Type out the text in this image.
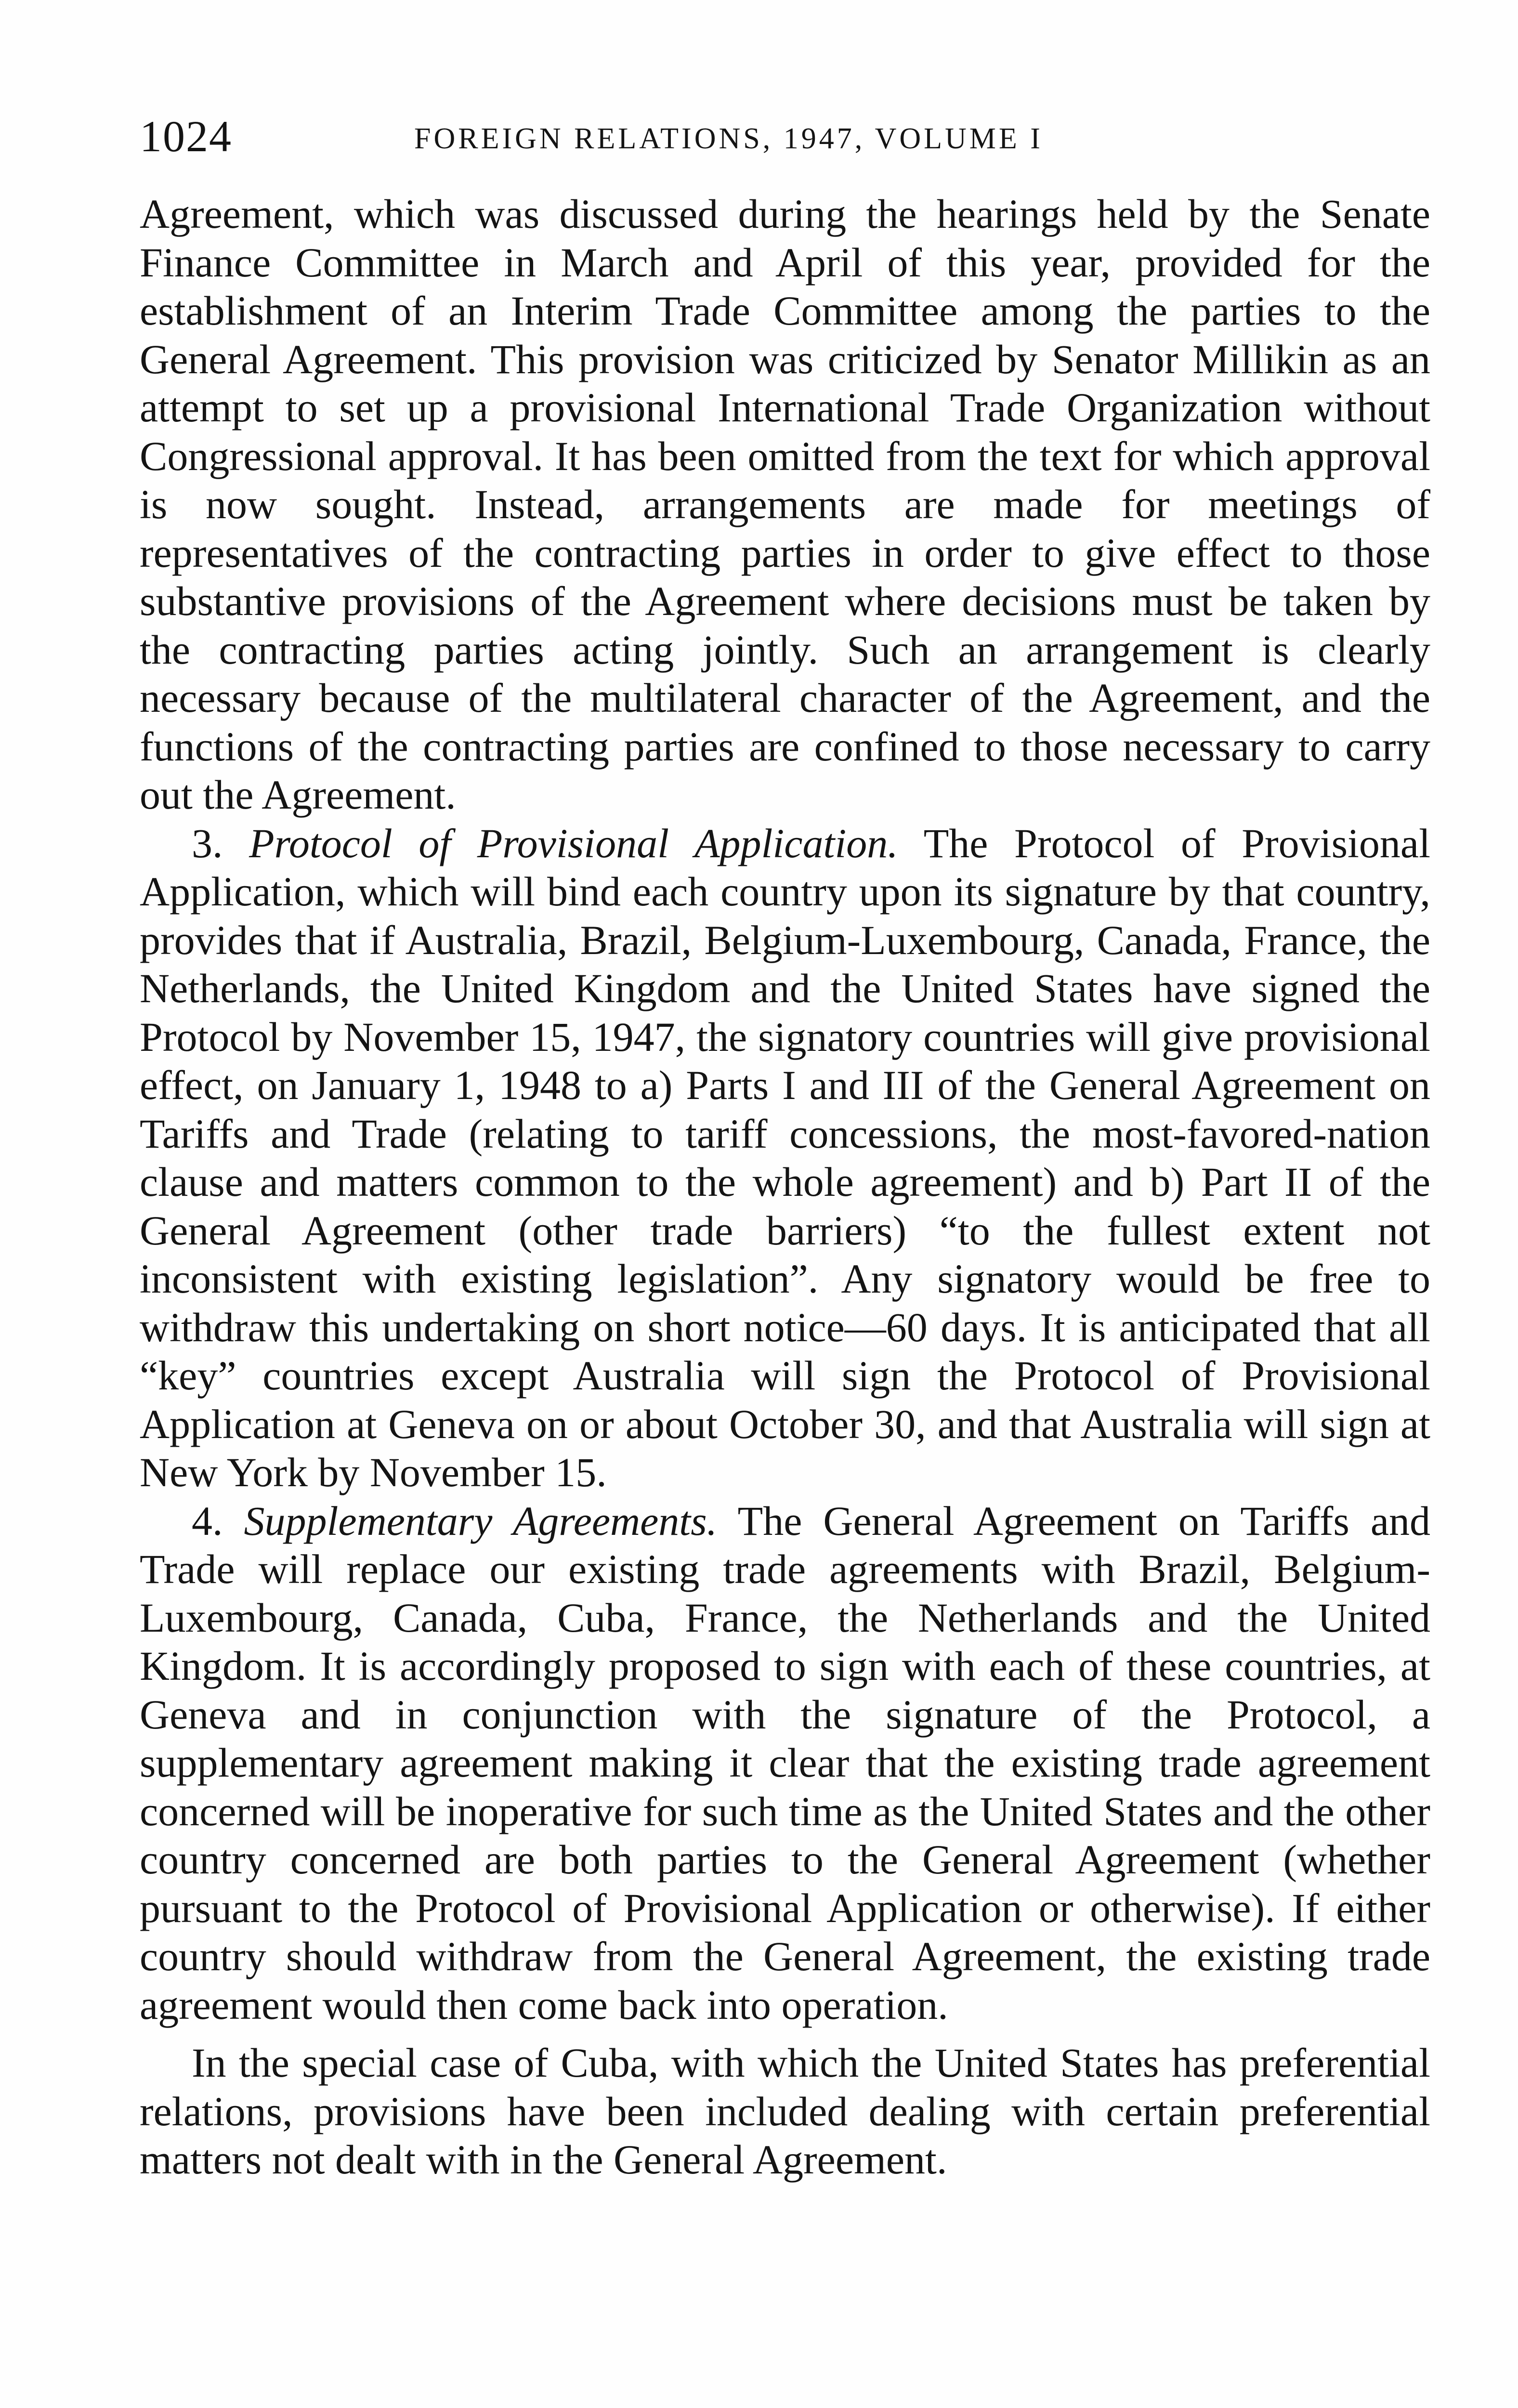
1024	FOREIGN RELATIONS, 1947, VOLUME I

Agreement, which was discussed during the hearings held by the Senate Finance Committee in March and April of this year, provided for the establishment of an Interim Trade Committee among the parties to the General Agreement. This provision was criticized by Senator Millikin as an attempt to set up a provisional International Trade Organization without Congressional approval. It has been omitted from the text for which approval is now sought. Instead, arrangements are made for meetings of representatives of the contracting parties in order to give effect to those substantive provisions of the Agreement where decisions must be taken by the contracting parties acting jointly. Such an arrangement is clearly necessary because of the multilateral character of the Agreement, and the functions of the contracting parties are confined to those necessary to carry out the Agreement.

3. Protocol of Provisional Application. The Protocol of Provisional Application, which will bind each country upon its signature by that country, provides that if Australia, Brazil, Belgium-Luxembourg, Canada, France, the Netherlands, the United Kingdom and the United States have signed the Protocol by November 15, 1947, the signatory countries will give provisional effect, on January 1, 1948 to a) Parts I and III of the General Agreement on Tariffs and Trade (relating to tariff concessions, the most-favored-nation clause and matters common to the whole agreement) and b) Part II of the General Agreement (other trade barriers) “to the fullest extent not inconsistent with existing legislation”. Any signatory would be free to withdraw this undertaking on short notice—60 days. It is anticipated that all “key” countries except Australia will sign the Protocol of Provisional Application at Geneva on or about October 30, and that Australia will sign at New York by November 15.

4. Supplementary Agreements. The General Agreement on Tariffs and Trade will replace our existing trade agreements with Brazil, Belgium-Luxembourg, Canada, Cuba, France, the Netherlands and the United Kingdom. It is accordingly proposed to sign with each of these countries, at Geneva and in conjunction with the signature of the Protocol, a supplementary agreement making it clear that the existing trade agreement concerned will be inoperative for such time as the United States and the other country concerned are both parties to the General Agreement (whether pursuant to the Protocol of Provisional Application or otherwise). If either country should withdraw from the General Agreement, the existing trade agreement would then come back into operation.

In the special case of Cuba, with which the United States has preferential relations, provisions have been included dealing with certain preferential matters not dealt with in the General Agreement.
